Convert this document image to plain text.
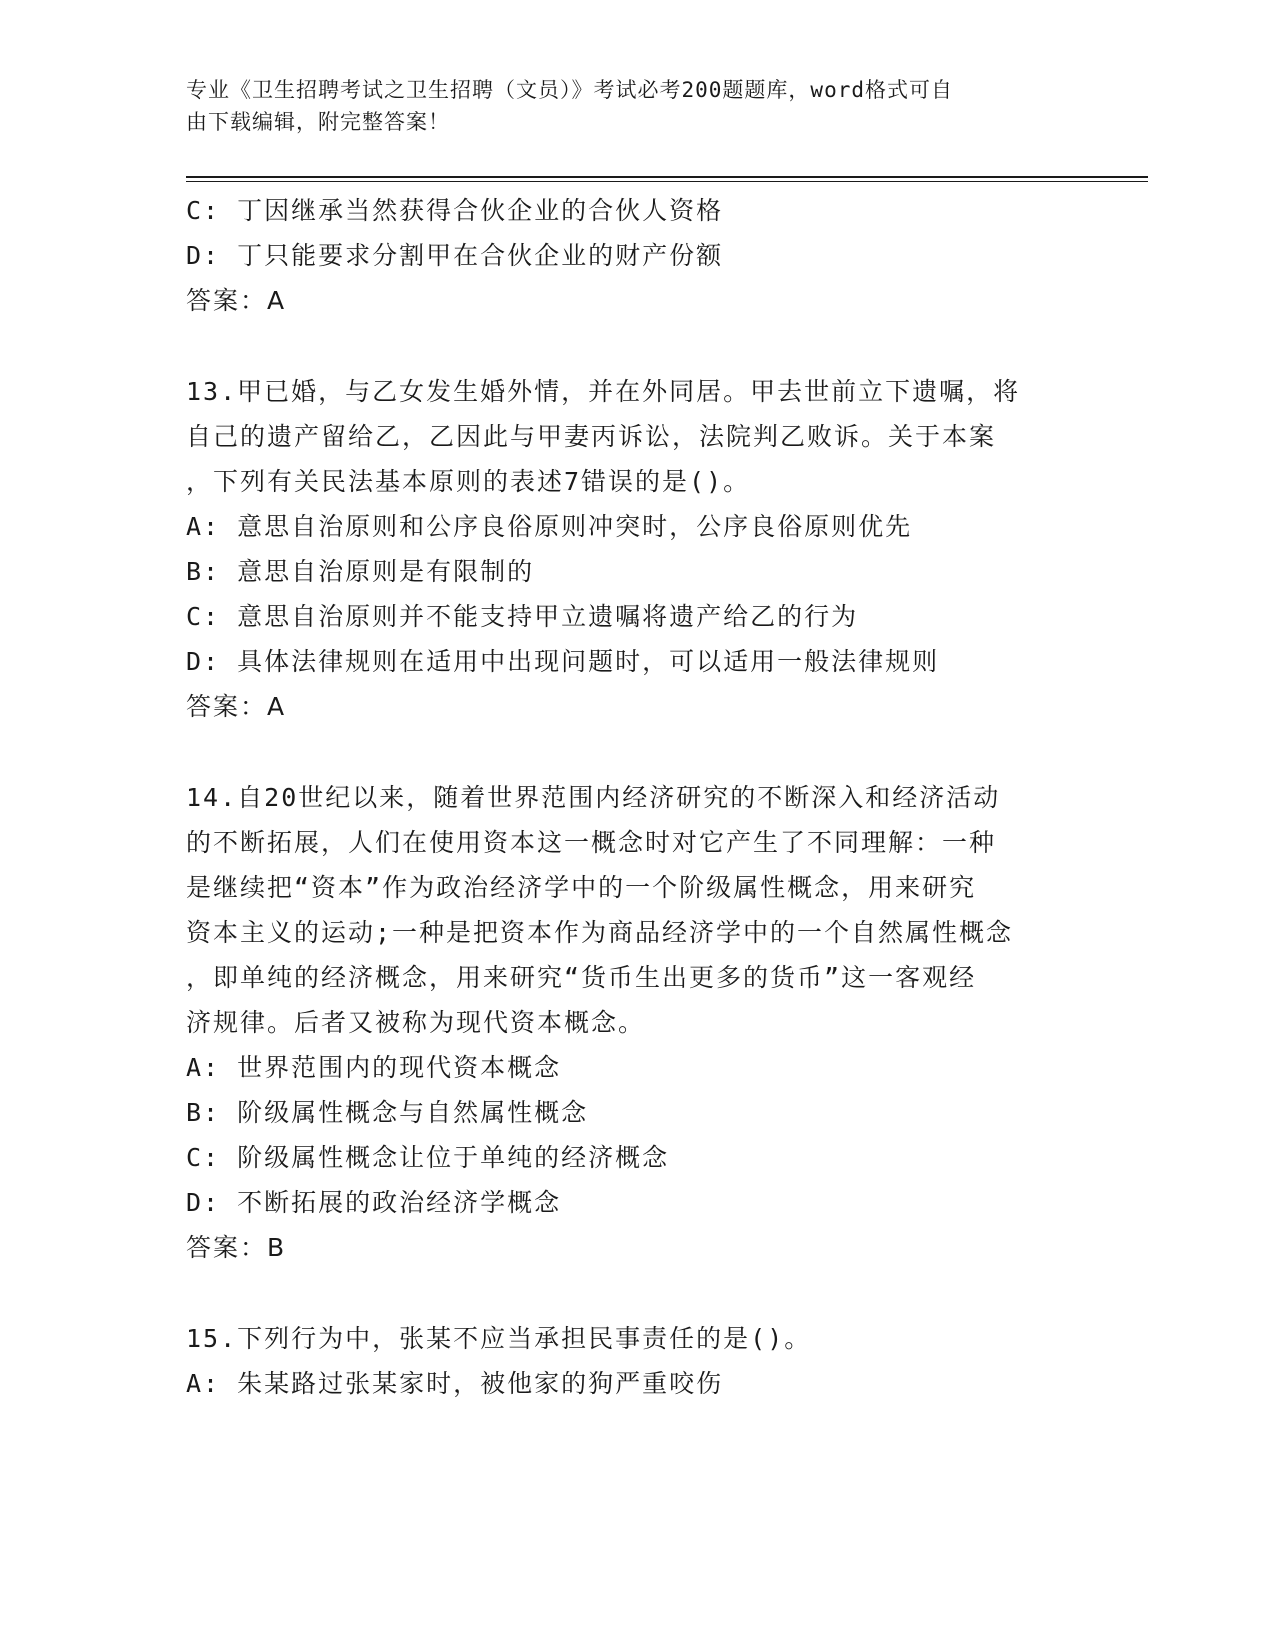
专业《卫生招聘考试之卫生招聘（文员）》考试必考200题题库，word格式可自
由下载编辑，附完整答案！
C: 丁因继承当然获得合伙企业的合伙人资格
D: 丁只能要求分割甲在合伙企业的财产份额
答案：A
13.甲已婚，与乙女发生婚外情，并在外同居。甲去世前立下遗嘱，将
自己的遗产留给乙，乙因此与甲妻丙诉讼，法院判乙败诉。关于本案
，下列有关民法基本原则的表述7错误的是()。
A: 意思自治原则和公序良俗原则冲突时，公序良俗原则优先
B: 意思自治原则是有限制的
C: 意思自治原则并不能支持甲立遗嘱将遗产给乙的行为
D: 具体法律规则在适用中出现问题时，可以适用一般法律规则
答案：A
14.自20世纪以来，随着世界范围内经济研究的不断深入和经济活动
的不断拓展，人们在使用资本这一概念时对它产生了不同理解：一种
是继续把“资本”作为政治经济学中的一个阶级属性概念，用来研究
资本主义的运动;一种是把资本作为商品经济学中的一个自然属性概念
，即单纯的经济概念，用来研究“货币生出更多的货币”这一客观经
济规律。后者又被称为现代资本概念。
A: 世界范围内的现代资本概念
B: 阶级属性概念与自然属性概念
C: 阶级属性概念让位于单纯的经济概念
D: 不断拓展的政治经济学概念
答案：B
15.下列行为中，张某不应当承担民事责任的是()。
A: 朱某路过张某家时，被他家的狗严重咬伤
